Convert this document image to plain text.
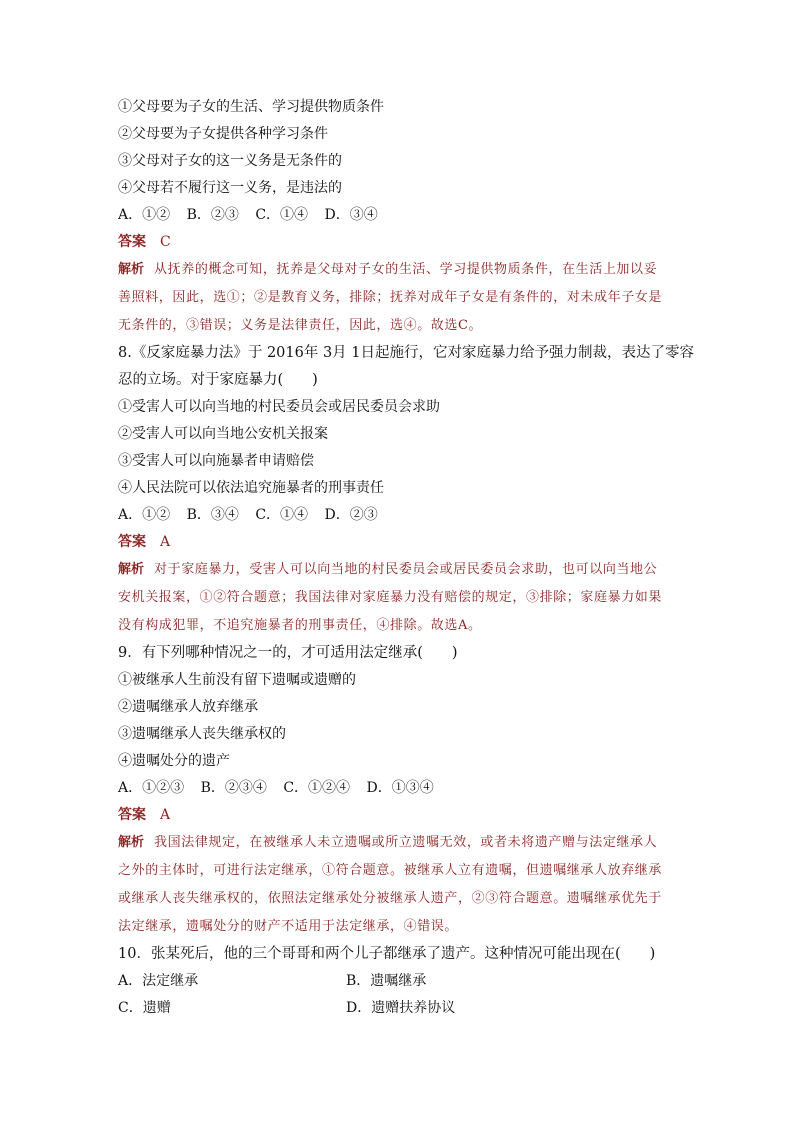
①父母要为子女的生活、学习提供物质条件
②父母要为子女提供各种学习条件
③父母对子女的这一义务是无条件的
④父母若不履行这一义务，是违法的
A．①② B．②③ C．①④ D．③④
答案 C
解析 从抚养的概念可知，抚养是父母对子女的生活、学习提供物质条件，在生活上加以妥
善照料，因此，选①；②是教育义务，排除；抚养对成年子女是有条件的，对未成年子女是
无条件的，③错误；义务是法律责任，因此，选④。故选C。
8.《反家庭暴力法》于 2016年 3月 1日起施行，它对家庭暴力给予强力制裁，表达了零容
忍的立场。对于家庭暴力(　　)
①受害人可以向当地的村民委员会或居民委员会求助
②受害人可以向当地公安机关报案
③受害人可以向施暴者申请赔偿
④人民法院可以依法追究施暴者的刑事责任
A．①② B．③④ C．①④ D．②③
答案 A
解析 对于家庭暴力，受害人可以向当地的村民委员会或居民委员会求助，也可以向当地公
安机关报案，①②符合题意；我国法律对家庭暴力没有赔偿的规定，③排除；家庭暴力如果
没有构成犯罪，不追究施暴者的刑事责任，④排除。故选A。
9．有下列哪种情况之一的，才可适用法定继承(　　)
①被继承人生前没有留下遗嘱或遗赠的
②遗嘱继承人放弃继承
③遗嘱继承人丧失继承权的
④遗嘱处分的遗产
A．①②③ B．②③④ C．①②④ D．①③④
答案 A
解析 我国法律规定，在被继承人未立遗嘱或所立遗嘱无效，或者未将遗产赠与法定继承人
之外的主体时，可进行法定继承，①符合题意。被继承人立有遗嘱，但遗嘱继承人放弃继承
或继承人丧失继承权的，依照法定继承处分被继承人遗产，②③符合题意。遗嘱继承优先于
法定继承，遗嘱处分的财产不适用于法定继承，④错误。
10．张某死后，他的三个哥哥和两个儿子都继承了遗产。这种情况可能出现在(　　)
A．法定继承	B．遗嘱继承
C．遗赠	D．遗赠扶养协议
